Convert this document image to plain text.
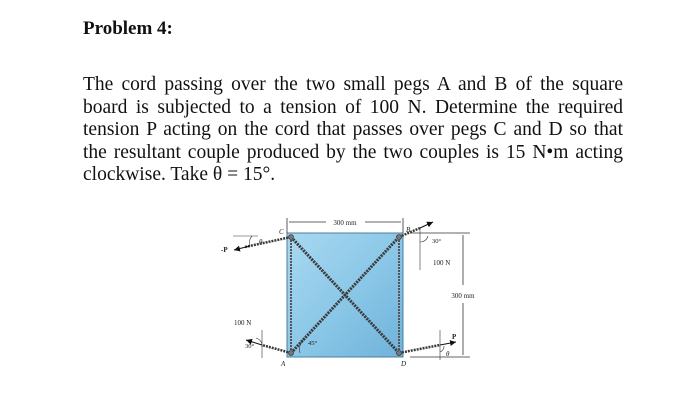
Problem 4:
The cord passing over the two small pegs A and B of the square board is subjected to a tension of 100 N. Determine the required tension P acting on the cord that passes over pegs C and D so that the resultant couple produced by the two couples is 15 N•m acting clockwise. Take θ = 15°.
300 mm
300 mm
C	B
A	D
-P
P
100 N
100 N
30°
30°	45°
θ
θ
